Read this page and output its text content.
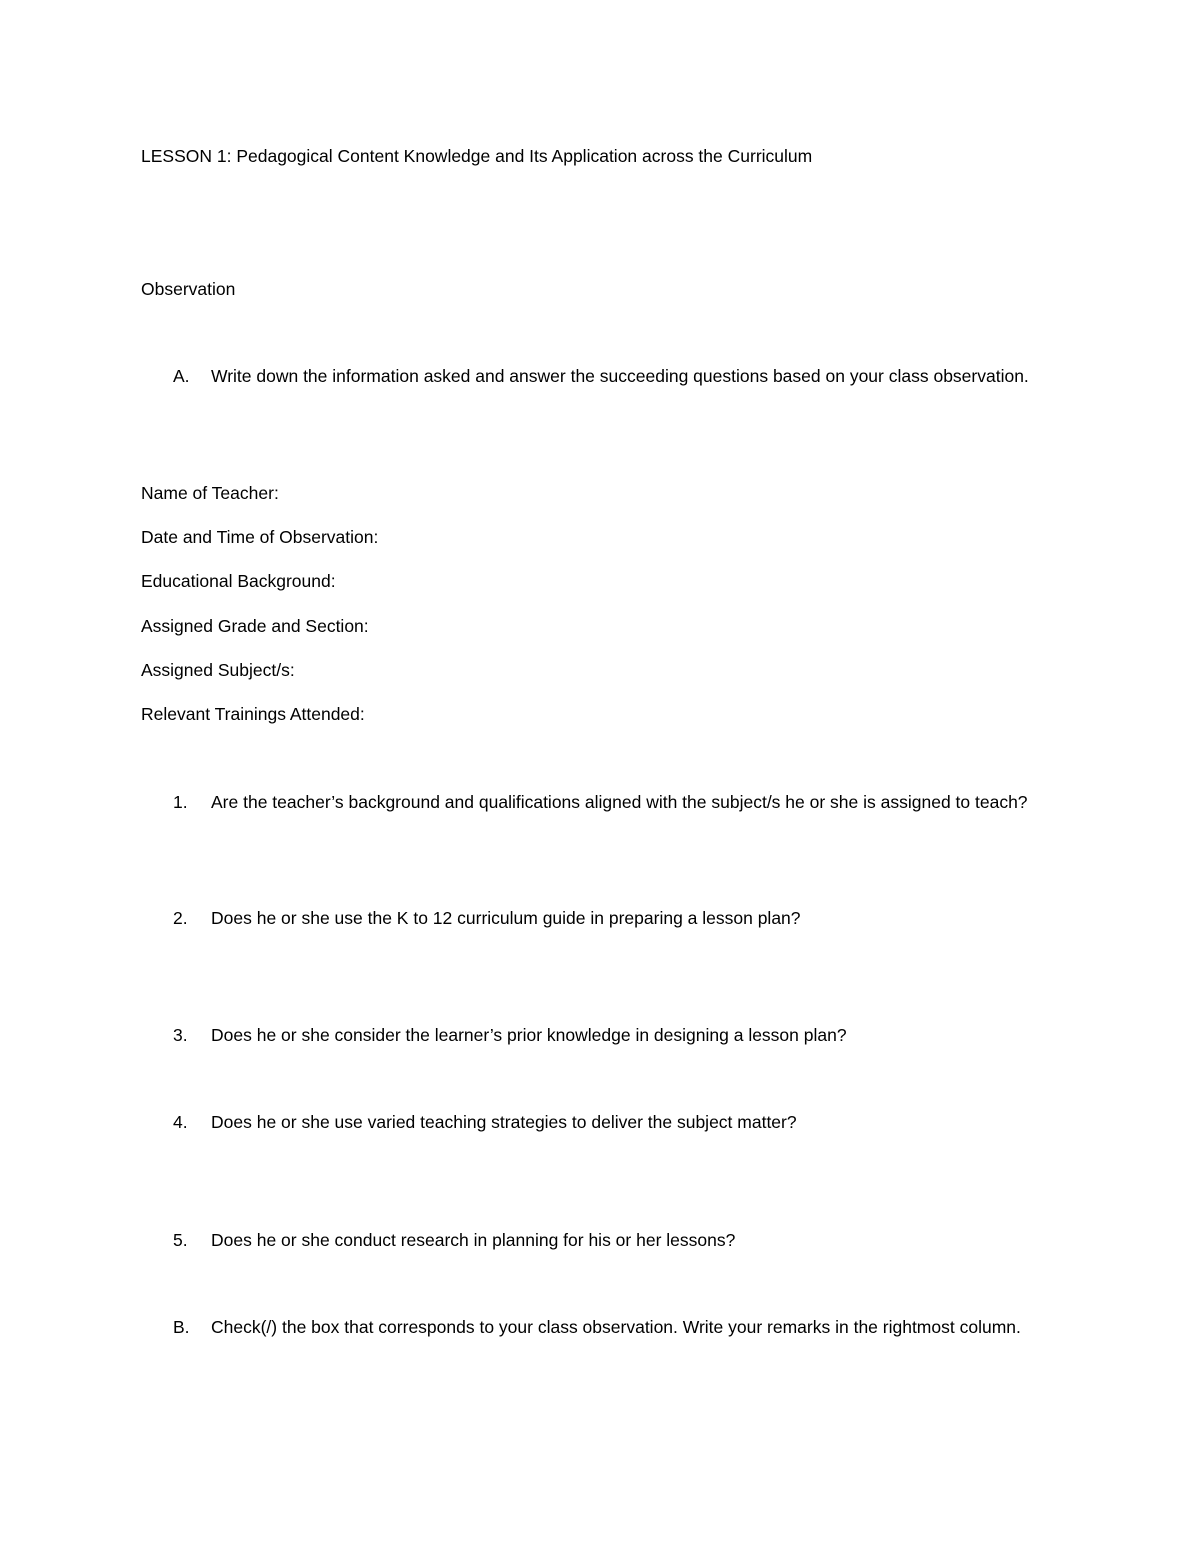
LESSON 1: Pedagogical Content Knowledge and Its Application across the Curriculum
Observation
A.	Write down the information asked and answer the succeeding questions based on your class observation.
Name of Teacher:
Date and Time of Observation:
Educational Background:
Assigned Grade and Section:
Assigned Subject/s:
Relevant Trainings Attended:
1.	Are the teacher’s background and qualifications aligned with the subject/s he or she is assigned to teach?
2.	Does he or she use the K to 12 curriculum guide in preparing a lesson plan?
3.	Does he or she consider the learner’s prior knowledge in designing a lesson plan?
4.	Does he or she use varied teaching strategies to deliver the subject matter?
5.	Does he or she conduct research in planning for his or her lessons?
B.	Check(/) the box that corresponds to your class observation. Write your remarks in the rightmost column.
